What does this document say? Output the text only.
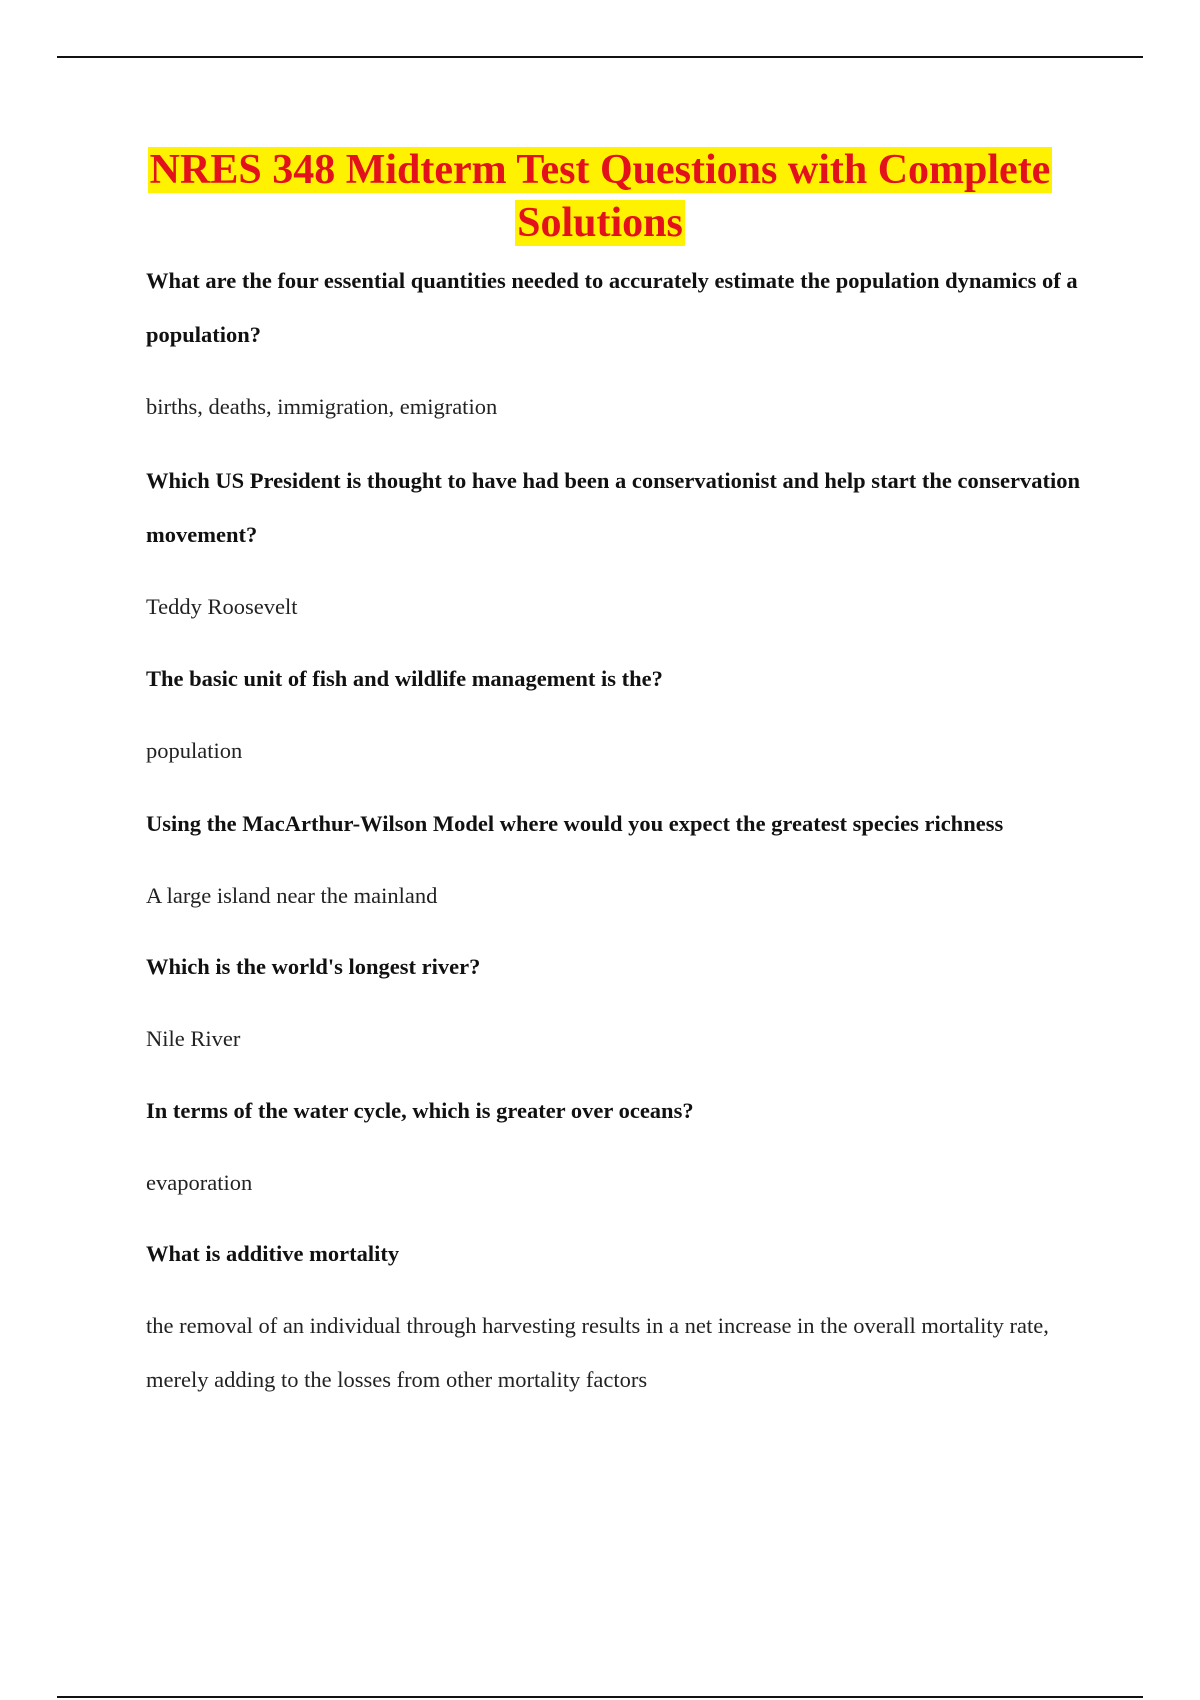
NRES 348 Midterm Test Questions with Complete Solutions

What are the four essential quantities needed to accurately estimate the population dynamics of a population?

births, deaths, immigration, emigration

Which US President is thought to have had been a conservationist and help start the conservation movement?

Teddy Roosevelt

The basic unit of fish and wildlife management is the?

population

Using the MacArthur-Wilson Model where would you expect the greatest species richness

A large island near the mainland

Which is the world's longest river?

Nile River

In terms of the water cycle, which is greater over oceans?

evaporation

What is additive mortality

the removal of an individual through harvesting results in a net increase in the overall mortality rate, merely adding to the losses from other mortality factors
